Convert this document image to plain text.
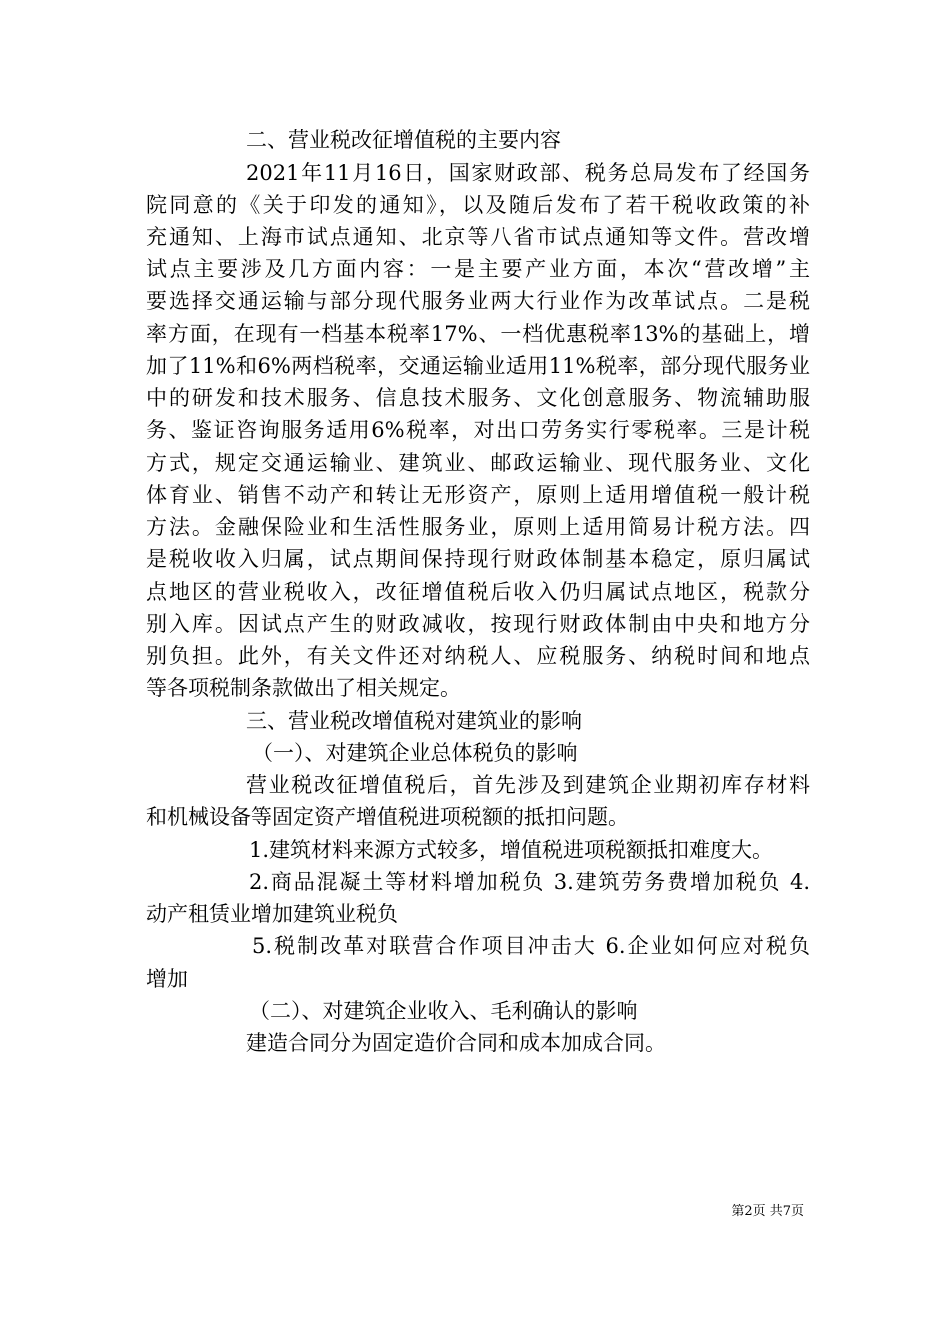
二、营业税改征增值税的主要内容
2021年11月16日，国家财政部、税务总局发布了经国务
院同意的《关于印发的通知》，以及随后发布了若干税收政策的补
充通知、上海市试点通知、北京等八省市试点通知等文件。营改增
试点主要涉及几方面内容：一是主要产业方面，本次“营改增”主
要选择交通运输与部分现代服务业两大行业作为改革试点。二是税
率方面，在现有一档基本税率17%、一档优惠税率13%的基础上，增
加了11%和6%两档税率，交通运输业适用11%税率，部分现代服务业
中的研发和技术服务、信息技术服务、文化创意服务、物流辅助服
务、鉴证咨询服务适用6%税率，对出口劳务实行零税率。三是计税
方式，规定交通运输业、建筑业、邮政运输业、现代服务业、文化
体育业、销售不动产和转让无形资产，原则上适用增值税一般计税
方法。金融保险业和生活性服务业，原则上适用简易计税方法。四
是税收收入归属，试点期间保持现行财政体制基本稳定，原归属试
点地区的营业税收入，改征增值税后收入仍归属试点地区，税款分
别入库。因试点产生的财政减收，按现行财政体制由中央和地方分
别负担。此外，有关文件还对纳税人、应税服务、纳税时间和地点
等各项税制条款做出了相关规定。
三、营业税改增值税对建筑业的影响
（一）、对建筑企业总体税负的影响
营业税改征增值税后，首先涉及到建筑企业期初库存材料
和机械设备等固定资产增值税进项税额的抵扣问题。
1.建筑材料来源方式较多，增值税进项税额抵扣难度大。
2.商品混凝土等材料增加税负 3.建筑劳务费增加税负 4.
动产租赁业增加建筑业税负
5.税制改革对联营合作项目冲击大 6.企业如何应对税负
增加
（二）、对建筑企业收入、毛利确认的影响
建造合同分为固定造价合同和成本加成合同。
第2页 共7页
